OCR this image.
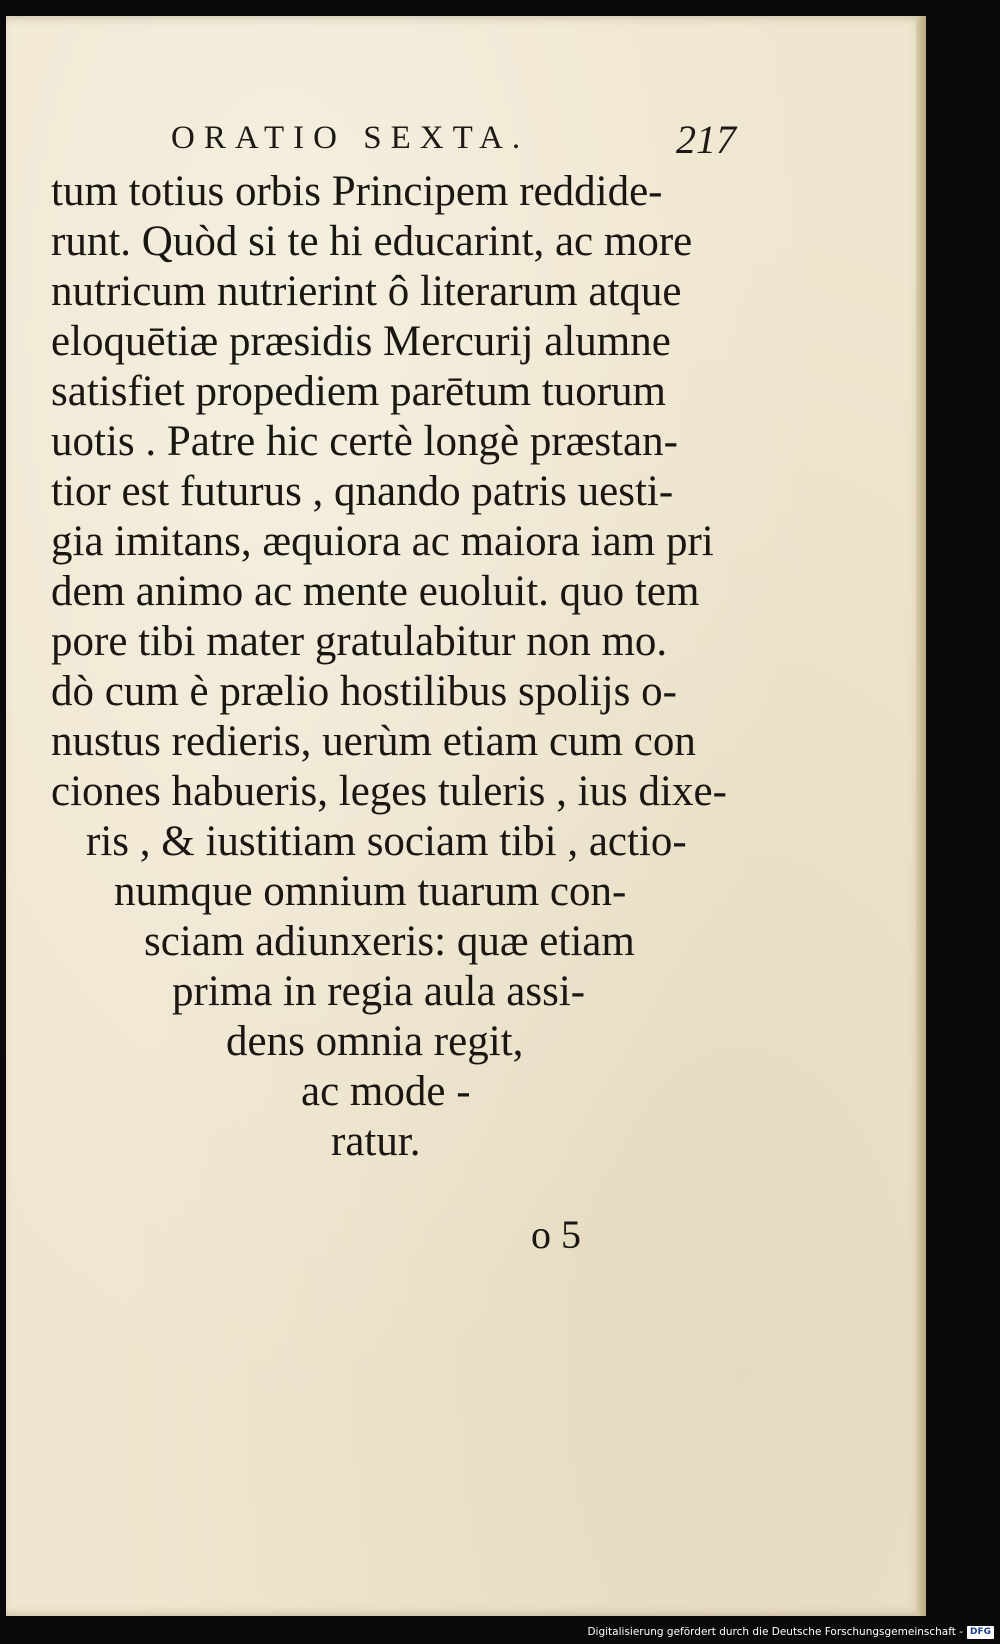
ORATIO SEXTA.	217
tum totius orbis Principem reddide-
runt. Quòd si te hi educarint, ac more
nutricum nutrierint ô literarum atque
eloquētiæ præsidis Mercurij alumne
satisfiet propediem parētum tuorum
uotis . Patre hic certè longè præstan-
tior est futurus , qnando patris uesti-
gia imitans, æquiora ac maiora iam pri
dem animo ac mente euoluit. quo tem
pore tibi mater gratulabitur non mo.
dò cum è prælio hostilibus spolijs o-
nustus redieris, uerùm etiam cum con
ciones habueris, leges tuleris , ius dixe-
ris , & iustitiam sociam tibi , actio-
numque omnium tuarum con-
sciam adiunxeris: quæ etiam
prima in regia aula assi-
dens omnia regit,
ac mode -
ratur.
o 5
Digitalisierung gefördert durch die Deutsche Forschungsgemeinschaft - DFG
